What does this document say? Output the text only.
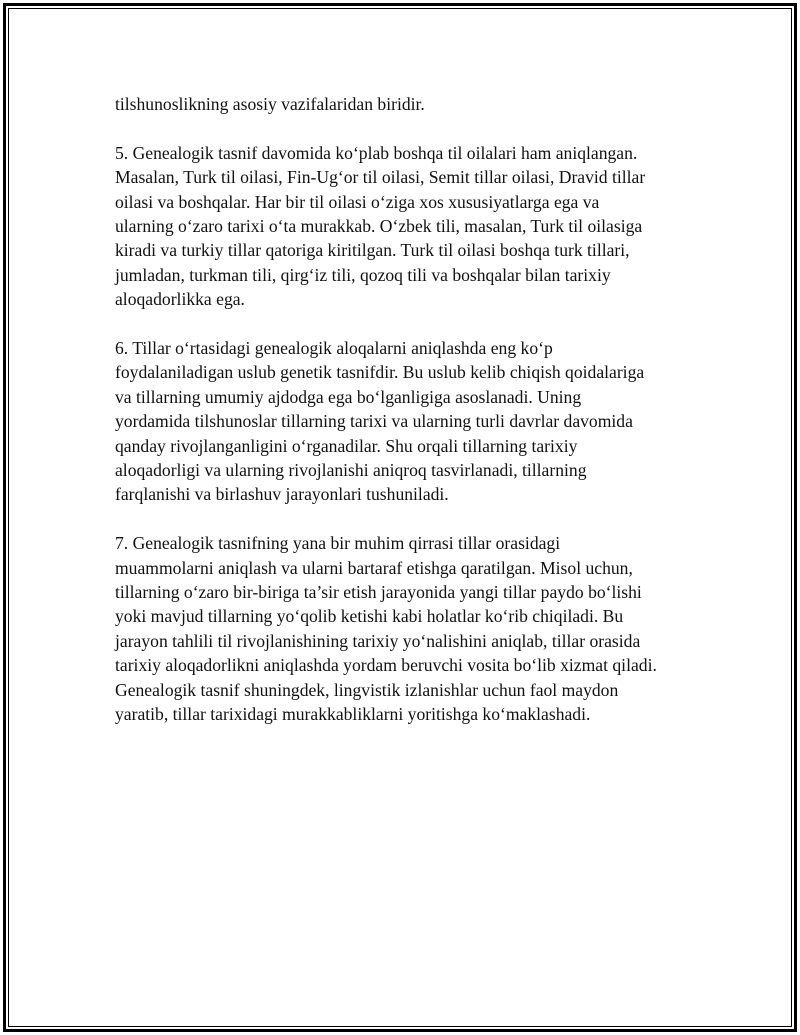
tilshunoslikning asosiy vazifalaridan biridir.

5. Genealogik tasnif davomida ko‘plab boshqa til oilalari ham aniqlangan.
Masalan, Turk til oilasi, Fin-Ug‘or til oilasi, Semit tillar oilasi, Dravid tillar
oilasi va boshqalar. Har bir til oilasi o‘ziga xos xususiyatlarga ega va
ularning o‘zaro tarixi o‘ta murakkab. O‘zbek tili, masalan, Turk til oilasiga
kiradi va turkiy tillar qatoriga kiritilgan. Turk til oilasi boshqa turk tillari,
jumladan, turkman tili, qirg‘iz tili, qozoq tili va boshqalar bilan tarixiy
aloqadorlikka ega.

6. Tillar o‘rtasidagi genealogik aloqalarni aniqlashda eng ko‘p
foydalaniladigan uslub genetik tasnifdir. Bu uslub kelib chiqish qoidalariga
va tillarning umumiy ajdodga ega bo‘lganligiga asoslanadi. Uning
yordamida tilshunoslar tillarning tarixi va ularning turli davrlar davomida
qanday rivojlanganligini o‘rganadilar. Shu orqali tillarning tarixiy
aloqadorligi va ularning rivojlanishi aniqroq tasvirlanadi, tillarning
farqlanishi va birlashuv jarayonlari tushuniladi.

7. Genealogik tasnifning yana bir muhim qirrasi tillar orasidagi
muammolarni aniqlash va ularni bartaraf etishga qaratilgan. Misol uchun,
tillarning o‘zaro bir-biriga ta’sir etish jarayonida yangi tillar paydo bo‘lishi
yoki mavjud tillarning yo‘qolib ketishi kabi holatlar ko‘rib chiqiladi. Bu
jarayon tahlili til rivojlanishining tarixiy yo‘nalishini aniqlab, tillar orasida
tarixiy aloqadorlikni aniqlashda yordam beruvchi vosita bo‘lib xizmat qiladi.
Genealogik tasnif shuningdek, lingvistik izlanishlar uchun faol maydon
yaratib, tillar tarixidagi murakkabliklarni yoritishga ko‘maklashadi.
